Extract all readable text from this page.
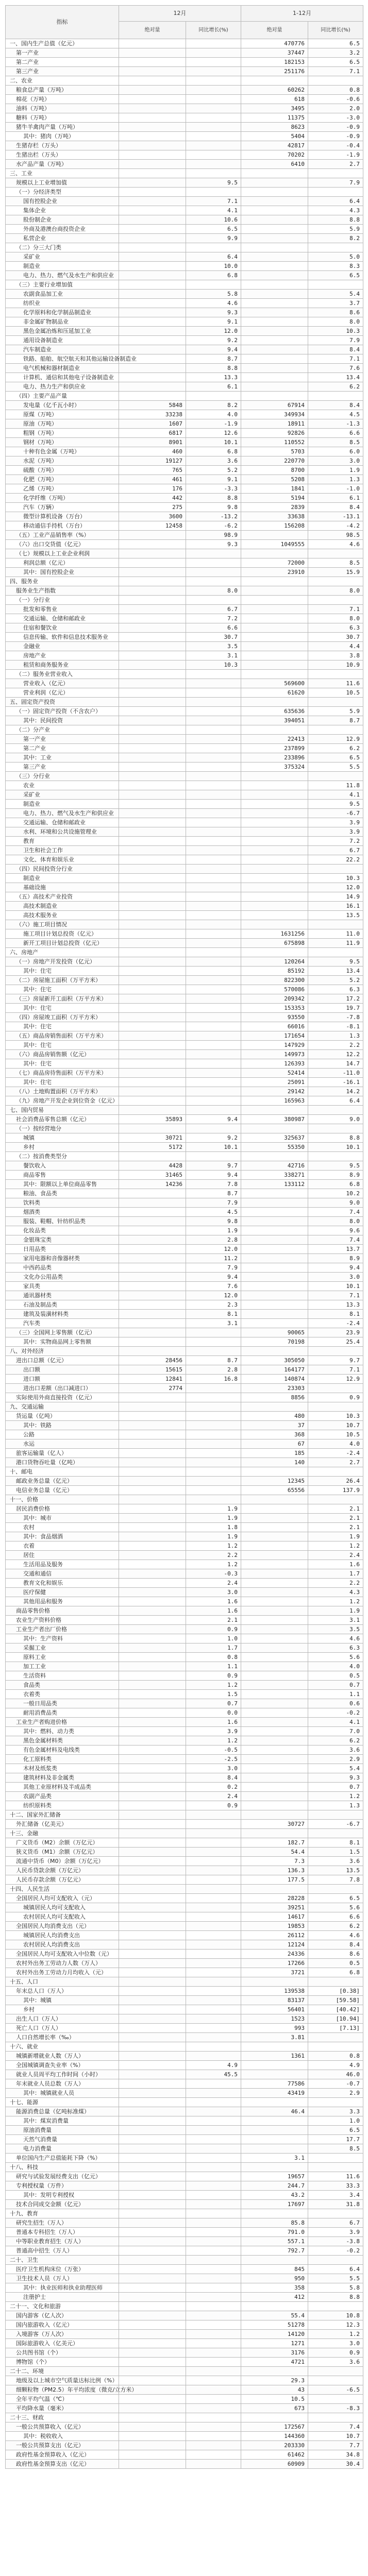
指标	12月		1-12月	
	绝对量	同比增长(%)	绝对量	同比增长(%)
一、国内生产总值（亿元）			470776	6.5
第一产业			37447	3.2
第二产业			182153	6.5
第三产业			251176	7.1
二、农业				
粮食总产量（万吨）			60262	0.8
棉花（万吨）			618	-0.6
油料（万吨）			3495	2.0
糖料（万吨）			11375	-3.0
猪牛羊禽肉产量（万吨）			8623	-0.9
其中：猪肉（万吨）			5404	-0.9
生猪存栏（万头）			42817	-0.4
生猪出栏（万头）			70202	-1.9
水产品产量（万吨）			6410	2.7
三、工业				
规模以上工业增加值		9.5		7.9
（一）分经济类型				
国有控股企业		7.1		6.4
集体企业		4.1		4.3
股份制企业		10.6		8.8
外商及港澳台商投资企业		6.5		5.9
私营企业		9.9		8.2
（二）分三大门类				
采矿业		6.4		5.0
制造业		10.0		8.3
电力、热力、燃气及水生产和供应业		6.8		6.5
（三）主要行业增加值				
农副食品加工业		5.8		5.4
纺织业		4.6		3.7
化学原料和化学制品制造业		9.3		8.6
非金属矿物制品业		9.1		8.0
黑色金属冶炼和压延加工业		12.0		10.3
通用设备制造业		9.2		7.9
汽车制造业		9.4		8.4
铁路、船舶、航空航天和其他运输设备制造业		8.7		7.1
电气机械和器材制造业		8.8		7.6
计算机、通信和其他电子设备制造业		13.3		13.4
电力、热力生产和供应业		6.1		6.2
（四）主要产品产量				
发电量（亿千瓦小时）	5848	8.2	67914	8.4
原煤（万吨）	33238	4.0	349934	4.5
原油（万吨）	1607	-1.9	18911	-1.3
粗钢（万吨）	6817	12.6	92826	6.6
钢材（万吨）	8901	10.1	110552	8.5
十种有色金属（万吨）	460	6.8	5703	6.0
水泥（万吨）	19127	3.6	220770	3.0
硫酸（万吨）	765	5.2	8700	1.9
化肥（万吨）	461	9.1	5208	1.3
乙烯（万吨）	176	-3.3	1841	-1.0
化学纤维（万吨）	442	8.8	5194	6.1
汽车（万辆）	275	9.8	2839	8.4
微型计算机设备（万台）	3600	-13.2	33638	-13.1
移动通信手持机（万台）	12458	-6.2	156208	-4.2
（五）工业产品销售率（%）		98.9		98.5
（六）出口交货值（亿元）		9.3	1049555	4.6
（七）规模以上工业企业利润				
利润总额（亿元）			72000	8.5
其中：国有控股企业			23910	15.9
四、服务业				
服务业生产指数		8.0		8.0
（一）分行业				
批发和零售业		6.7		7.1
交通运输、仓储和邮政业		7.2		8.0
住宿和餐饮业		6.6		6.3
信息传输、软件和信息技术服务业		30.7		30.7
金融业		3.5		4.4
房地产业		3.1		3.8
租赁和商务服务业		10.3		10.9
（二）服务业营业收入				
营业收入（亿元）			569600	11.6
营业利润（亿元）			61620	10.5
五、固定资产投资				
（一）固定资产投资（不含农户）			635636	5.9
其中：民间投资			394051	8.7
（二）分产业				
第一产业			22413	12.9
第二产业			237899	6.2
其中：工业			233896	6.5
第三产业			375324	5.5
（三）分行业				
农业				11.8
采矿业				4.1
制造业				9.5
电力、热力、燃气及水生产和供应业				-6.7
交通运输、仓储和邮政业				3.9
水利、环境和公共设施管理业				3.9
教育				7.2
卫生和社会工作				6.7
文化、体育和娱乐业				22.2
（四）民间投资分行业				
制造业				10.3
基础设施				12.0
（五）高技术产业投资				14.9
高技术制造业				16.1
高技术服务业				13.5
（六）施工项目情况				
施工项目计划总投资（亿元）			1631256	11.0
新开工项目计划总投资（亿元）			675898	11.9
六、房地产				
（一）房地产开发投资（亿元）			120264	9.5
其中：住宅			85192	13.4
（二）房屋施工面积（万平方米）			822300	5.2
其中：住宅			570086	6.3
（三）房屋新开工面积（万平方米）			209342	17.2
其中：住宅			153353	19.7
（四）房屋竣工面积（万平方米）			93550	-7.8
其中：住宅			66016	-8.1
（五）商品房销售面积（万平方米）			171654	1.3
其中：住宅			147929	2.2
（六）商品房销售额（亿元）			149973	12.2
其中：住宅			126393	14.7
（七）商品房待售面积（万平方米）			52414	-11.0
其中：住宅			25091	-16.1
（八）土地购置面积（万平方米）			29142	14.2
（九）房地产开发企业到位资金（亿元）			165963	6.4
七、国内贸易				
社会消费品零售总额（亿元）	35893	9.4	380987	9.0
（一）按经营地分				
城镇	30721	9.2	325637	8.8
乡村	5172	10.1	55350	10.1
（二）按消费类型分				
餐饮收入	4428	9.7	42716	9.5
商品零售	31465	9.4	338271	8.9
其中：限额以上单位商品零售	14236	7.8	133112	6.8
粮油、食品类		8.7		10.2
饮料类		7.9		9.0
烟酒类		4.5		7.4
服装、鞋帽、针纺织品类		9.8		8.0
化妆品类		1.9		9.6
金银珠宝类		2.8		7.4
日用品类		12.0		13.7
家用电器和音像器材类		11.2		8.9
中西药品类		7.9		9.4
文化办公用品类		9.4		3.0
家具类		7.6		10.1
通讯器材类		12.0		7.1
石油及制品类		2.3		13.3
建筑及装潢材料类		8.1		8.1
汽车类		3.1		-2.4
（三）全国网上零售额（亿元）			90065	23.9
其中：实物商品网上零售额			70198	25.4
八、对外经济				
进出口总额（亿元）	28456	8.7	305050	9.7
出口额	15615	2.8	164177	7.1
进口额	12841	16.8	140874	12.9
进出口差额（出口减进口）	2774		23303	
实际使用外商直接投资（亿元）			8856	0.9
九、交通运输				
货运量（亿吨）			480	10.3
其中：铁路			37	10.7
公路			368	10.5
水运			67	4.0
旅客运输量（亿人）			185	-2.4
港口货物吞吐量（亿吨）			140	2.7
十、邮电				
邮政业务总量（亿元）			12345	26.4
电信业务总量（亿元）			65556	137.9
十一、价格				
居民消费价格		1.9		2.1
其中：城市		1.9		2.1
农村		1.8		2.1
其中：食品烟酒		1.9		1.9
衣着		1.2		1.2
居住		2.2		2.4
生活用品及服务		1.2		1.6
交通和通信		-0.3		1.7
教育文化和娱乐		2.4		2.2
医疗保健		3.0		4.3
其他用品和服务		1.6		1.2
商品零售价格		1.6		1.9
农业生产资料价格		2.1		3.1
工业生产者出厂价格		0.9		3.5
其中：生产资料		1.0		4.6
采掘工业		1.7		6.3
原料工业		0.8		5.6
加工工业		1.1		4.0
生活资料		0.9		0.5
食品类		1.2		0.7
衣着类		1.5		1.1
一般日用品类		0.7		0.6
耐用消费品类		0.0		-0.2
工业生产者购进价格		1.6		4.1
其中：燃料、动力类		3.9		7.0
黑色金属材料类		1.2		6.2
有色金属材料及电线类		-0.5		3.6
化工原料类		-2.5		2.9
木材及纸浆类		3.0		5.4
建筑材料及非金属类		8.4		9.3
其他工业原材料及半成品类		0.2		0.7
农副产品类		2.4		1.2
纺织原料类		0.9		1.3
十二、国家外汇储备				
外汇储备（亿美元）			30727	-6.7
十三、金融				
广义货币（M2）余额（万亿元）			182.7	8.1
狭义货币（M1）余额（万亿元）			54.4	1.5
流通中货币（M0）余额（万亿元）			7.3	3.6
人民币贷款余额（万亿元）			136.3	13.5
人民币存款余额（万亿元）			177.5	7.8
十四、人民生活				
全国居民人均可支配收入（元）			28228	6.5
城镇居民人均可支配收入			39251	5.6
农村居民人均可支配收入			14617	6.6
全国居民人均消费支出（元）			19853	6.2
城镇居民人均消费支出			26112	4.6
农村居民人均消费支出			12124	8.4
全国居民人均可支配收入中位数（元）			24336	8.6
农村外出务工劳动力人数（万人）			17266	0.5
农村外出务工劳动力月均收入（元）			3721	6.8
十五、人口				
年末总人口（万人）			139538	[0.38]
其中：城镇			83137	[59.58]
乡村			56401	[40.42]
出生人口（万人）			1523	[10.94]
死亡人口（万人）			993	[7.13]
人口自然增长率（‰）			3.81	
十六、就业				
城镇新增就业人数（万人）			1361	0.8
全国城镇调查失业率（%）		4.9		4.9
就业人员周平均工作时间（小时）		45.5		46.0
年末就业人员总数（万人）			77586	-0.7
其中：城镇就业人员			43419	2.9
十七、能源				
能源消费总量（亿吨标准煤）			46.4	3.3
其中：煤炭消费量				1.0
原油消费量				6.5
天然气消费量				17.7
电力消费量				8.5
单位国内生产总值能耗下降（%）			3.1	
十八、科技				
研究与试验发展经费支出（亿元）			19657	11.6
专利授权量（万件）			244.7	33.3
其中：发明专利授权			43.2	3.4
技术合同成交金额（亿元）			17697	31.8
十九、教育				
研究生招生（万人）			85.8	6.7
普通本专科招生（万人）			791.0	3.9
中等职业教育招生（万人）			557.1	-3.8
普通高中招生（万人）			792.7	-0.2
二十、卫生				
医疗卫生机构床位（万张）			845	6.4
卫生技术人员（万人）			950	5.5
其中：执业医师和执业助理医师			358	5.8
注册护士			412	8.8
二十一、文化和旅游				
国内游客（亿人次）			55.4	10.8
国内旅游收入（亿元）			51278	12.3
入境游客（万人次）			14120	1.2
国际旅游收入（亿美元）			1271	3.0
公共图书馆（个）			3176	0.9
博物馆（个）			4721	3.6
二十二、环境				
地级及以上城市空气质量达标比例（%）			29.3	
细颗粒物（PM2.5）年平均浓度（微克/立方米）			43	-6.5
全年平均气温（℃）			10.5	
平均降水量（毫米）			673	-8.3
二十三、财政				
一般公共预算收入（亿元）			172567	7.4
其中：税收收入			144360	10.7
一般公共预算支出（亿元）			203330	7.7
政府性基金预算收入（亿元）			61462	34.8
政府性基金预算支出（亿元）			60909	30.4
